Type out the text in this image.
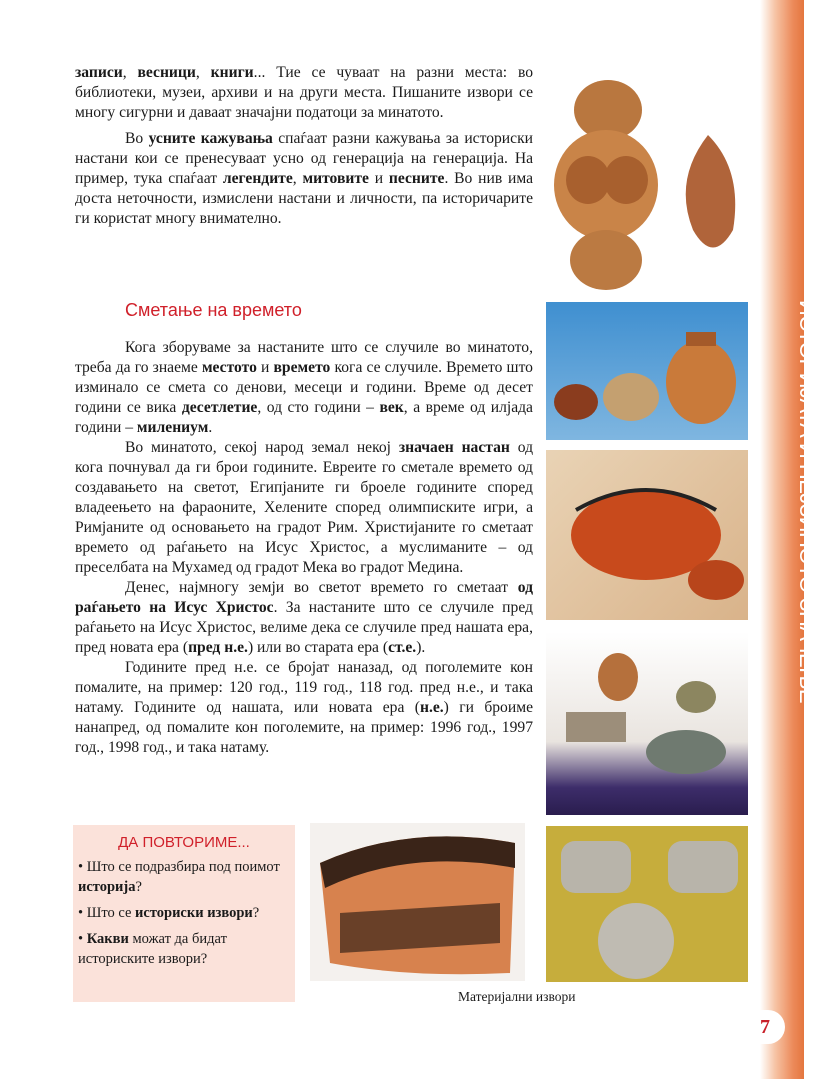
ИСТОРИЈАТА И НЕЈЗИНОТО ЗНАЧЕЊЕ
7

записи, весници, книги... Тие се чуваат на разни места: во библиотеки, музеи, архиви и на други места. Пишаните извори се многу сигурни и даваат значајни податоци за минатото.

Во усните кажувања спаѓаат разни кажувања за историски настани кои се пренесуваат усно од генерација на генерација. На пример, тука спаѓаат легендите, митовите и песните. Во нив има доста неточности, измислени настани и личности, па историчарите ги користат многу внимателно.

Сметање на времето

Кога зборуваме за настаните што се случиле во минатото, треба да го знаеме местото и времето кога се случиле. Времето што изминало се смета со денови, месеци и години. Време од десет години се вика десетлетие, од сто години – век, а време од илјада години – милениум.

Во минатото, секој народ земал некој значаен настан од кога почнувал да ги брои годините. Евреите го сметале времето од создавањето на светот, Египјаните ги броеле годините според владеењето на фараоните, Хелените според олимписките игри, а Римјаните од основањето на градот Рим. Христијаните го сметаат времето од раѓањето на Исус Христос, а муслиманите – од преселбата на Мухамед од градот Мека во градот Медина.

Денес, најмногу земји во светот времето го сметаат од раѓањето на Исус Христос. За настаните што се случиле пред раѓањето на Исус Христос, велиме дека се случиле пред нашата ера, пред новата ера (пред н.е.) или во старата ера (ст.е.).

Годините пред н.е. се бројат наназад, од поголемите кон помалите, на пример: 120 год., 119 год., 118 год. пред н.е., и така натаму. Годините од нашата, или новата ера (н.е.) ги броиме нанапред, од помалите кон поголемите, на пример: 1996 год., 1997 год., 1998 год., и така натаму.

ДА ПОВТОРИМЕ...
• Што се подразбира под поимот историја?
• Што се историски извори?
• Какви можат да бидат историските извори?
Материјални извори
